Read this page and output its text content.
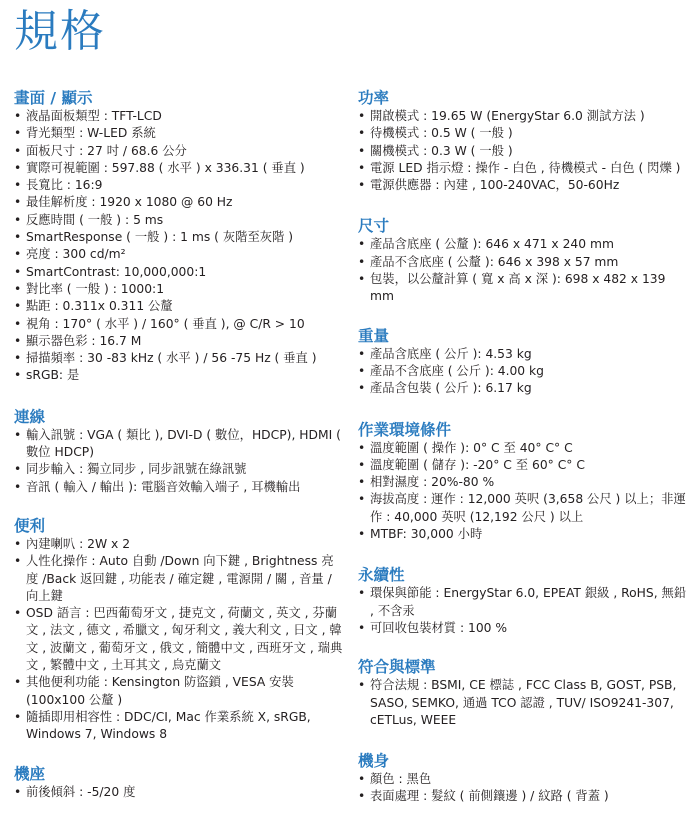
規格
畫面 / 顯示
• 液晶面板類型 : TFT-LCD
• 背光類型 : W-LED 系統
• 面板尺寸 : 27 吋 / 68.6 公分
• 實際可視範圍 : 597.88 ( 水平 ) x 336.31 ( 垂直 )
• 長寬比 : 16:9
• 最佳解析度 : 1920 x 1080 @ 60 Hz
• 反應時間 ( 一般 ) : 5 ms
• SmartResponse ( 一般 ) : 1 ms ( 灰階至灰階 )
• 亮度 : 300 cd/m²
• SmartContrast: 10,000,000:1
• 對比率 ( 一般 ) : 1000:1
• 點距 : 0.311x 0.311 公釐
• 視角 : 170° ( 水平 ) / 160° ( 垂直 ), @ C/R > 10
• 顯示器色彩 : 16.7 M
• 掃描頻率 : 30 -83 kHz ( 水平 ) / 56 -75 Hz ( 垂直 )
• sRGB: 是
連線
• 輸入訊號 : VGA ( 類比 ), DVI-D ( 數位，HDCP), HDMI ( 數位 HDCP)
• 同步輸入 : 獨立同步 , 同步訊號在綠訊號
• 音訊 ( 輸入 / 輸出 ): 電腦音效輸入端子 , 耳機輸出
便利
• 內建喇叭 : 2W x 2
• 人性化操作 : Auto 自動 /Down 向下鍵 , Brightness 亮度 /Back 返回鍵 , 功能表 / 確定鍵 , 電源開 / 關 , 音量 / 向上鍵
• OSD 語言 : 巴西葡萄牙文 , 捷克文 , 荷蘭文 , 英文 , 芬蘭文 , 法文 , 德文 , 希臘文 , 匈牙利文 , 義大利文 , 日文 , 韓文 , 波蘭文 , 葡萄牙文 , 俄文 , 簡體中文 , 西班牙文 , 瑞典文 , 繁體中文 , 土耳其文 , 烏克蘭文
• 其他便利功能 : Kensington 防盜鎖 , VESA 安裝 (100x100 公釐 )
• 隨插即用相容性 : DDC/CI, Mac 作業系統 X, sRGB, Windows 7, Windows 8
機座
• 前後傾斜 : -5/20 度
功率
• 開啟模式 : 19.65 W (EnergyStar 6.0 測試方法 )
• 待機模式 : 0.5 W ( 一般 )
• 關機模式 : 0.3 W ( 一般 )
• 電源 LED 指示燈 : 操作 - 白色 , 待機模式 - 白色 ( 閃爍 )
• 電源供應器 : 內建 , 100-240VAC，50-60Hz
尺寸
• 產品含底座 ( 公釐 ): 646 x 471 x 240 mm
• 產品不含底座 ( 公釐 ): 646 x 398 x 57 mm
• 包裝，以公釐計算 ( 寬 x 高 x 深 ): 698 x 482 x 139 mm
重量
• 產品含底座 ( 公斤 ): 4.53 kg
• 產品不含底座 ( 公斤 ): 4.00 kg
• 產品含包裝 ( 公斤 ): 6.17 kg
作業環境條件
• 溫度範圍 ( 操作 ): 0° C 至 40° C° C
• 溫度範圍 ( 儲存 ): -20° C 至 60° C° C
• 相對濕度 : 20%-80 %
• 海拔高度 : 運作 : 12,000 英呎 (3,658 公尺 ) 以上；非運作 : 40,000 英呎 (12,192 公尺 ) 以上
• MTBF: 30,000 小時
永續性
• 環保與節能 : EnergyStar 6.0, EPEAT 銀級 , RoHS, 無鉛 , 不含汞
• 可回收包裝材質 : 100 %
符合與標準
• 符合法規 : BSMI, CE 標誌 , FCC Class B, GOST, PSB, SASO, SEMKO, 通過 TCO 認證 , TUV/ ISO9241-307, cETLus, WEEE
機身
• 顏色 : 黑色
• 表面處理 : 髮紋 ( 前側鑲邊 ) / 紋路 ( 背蓋 )
